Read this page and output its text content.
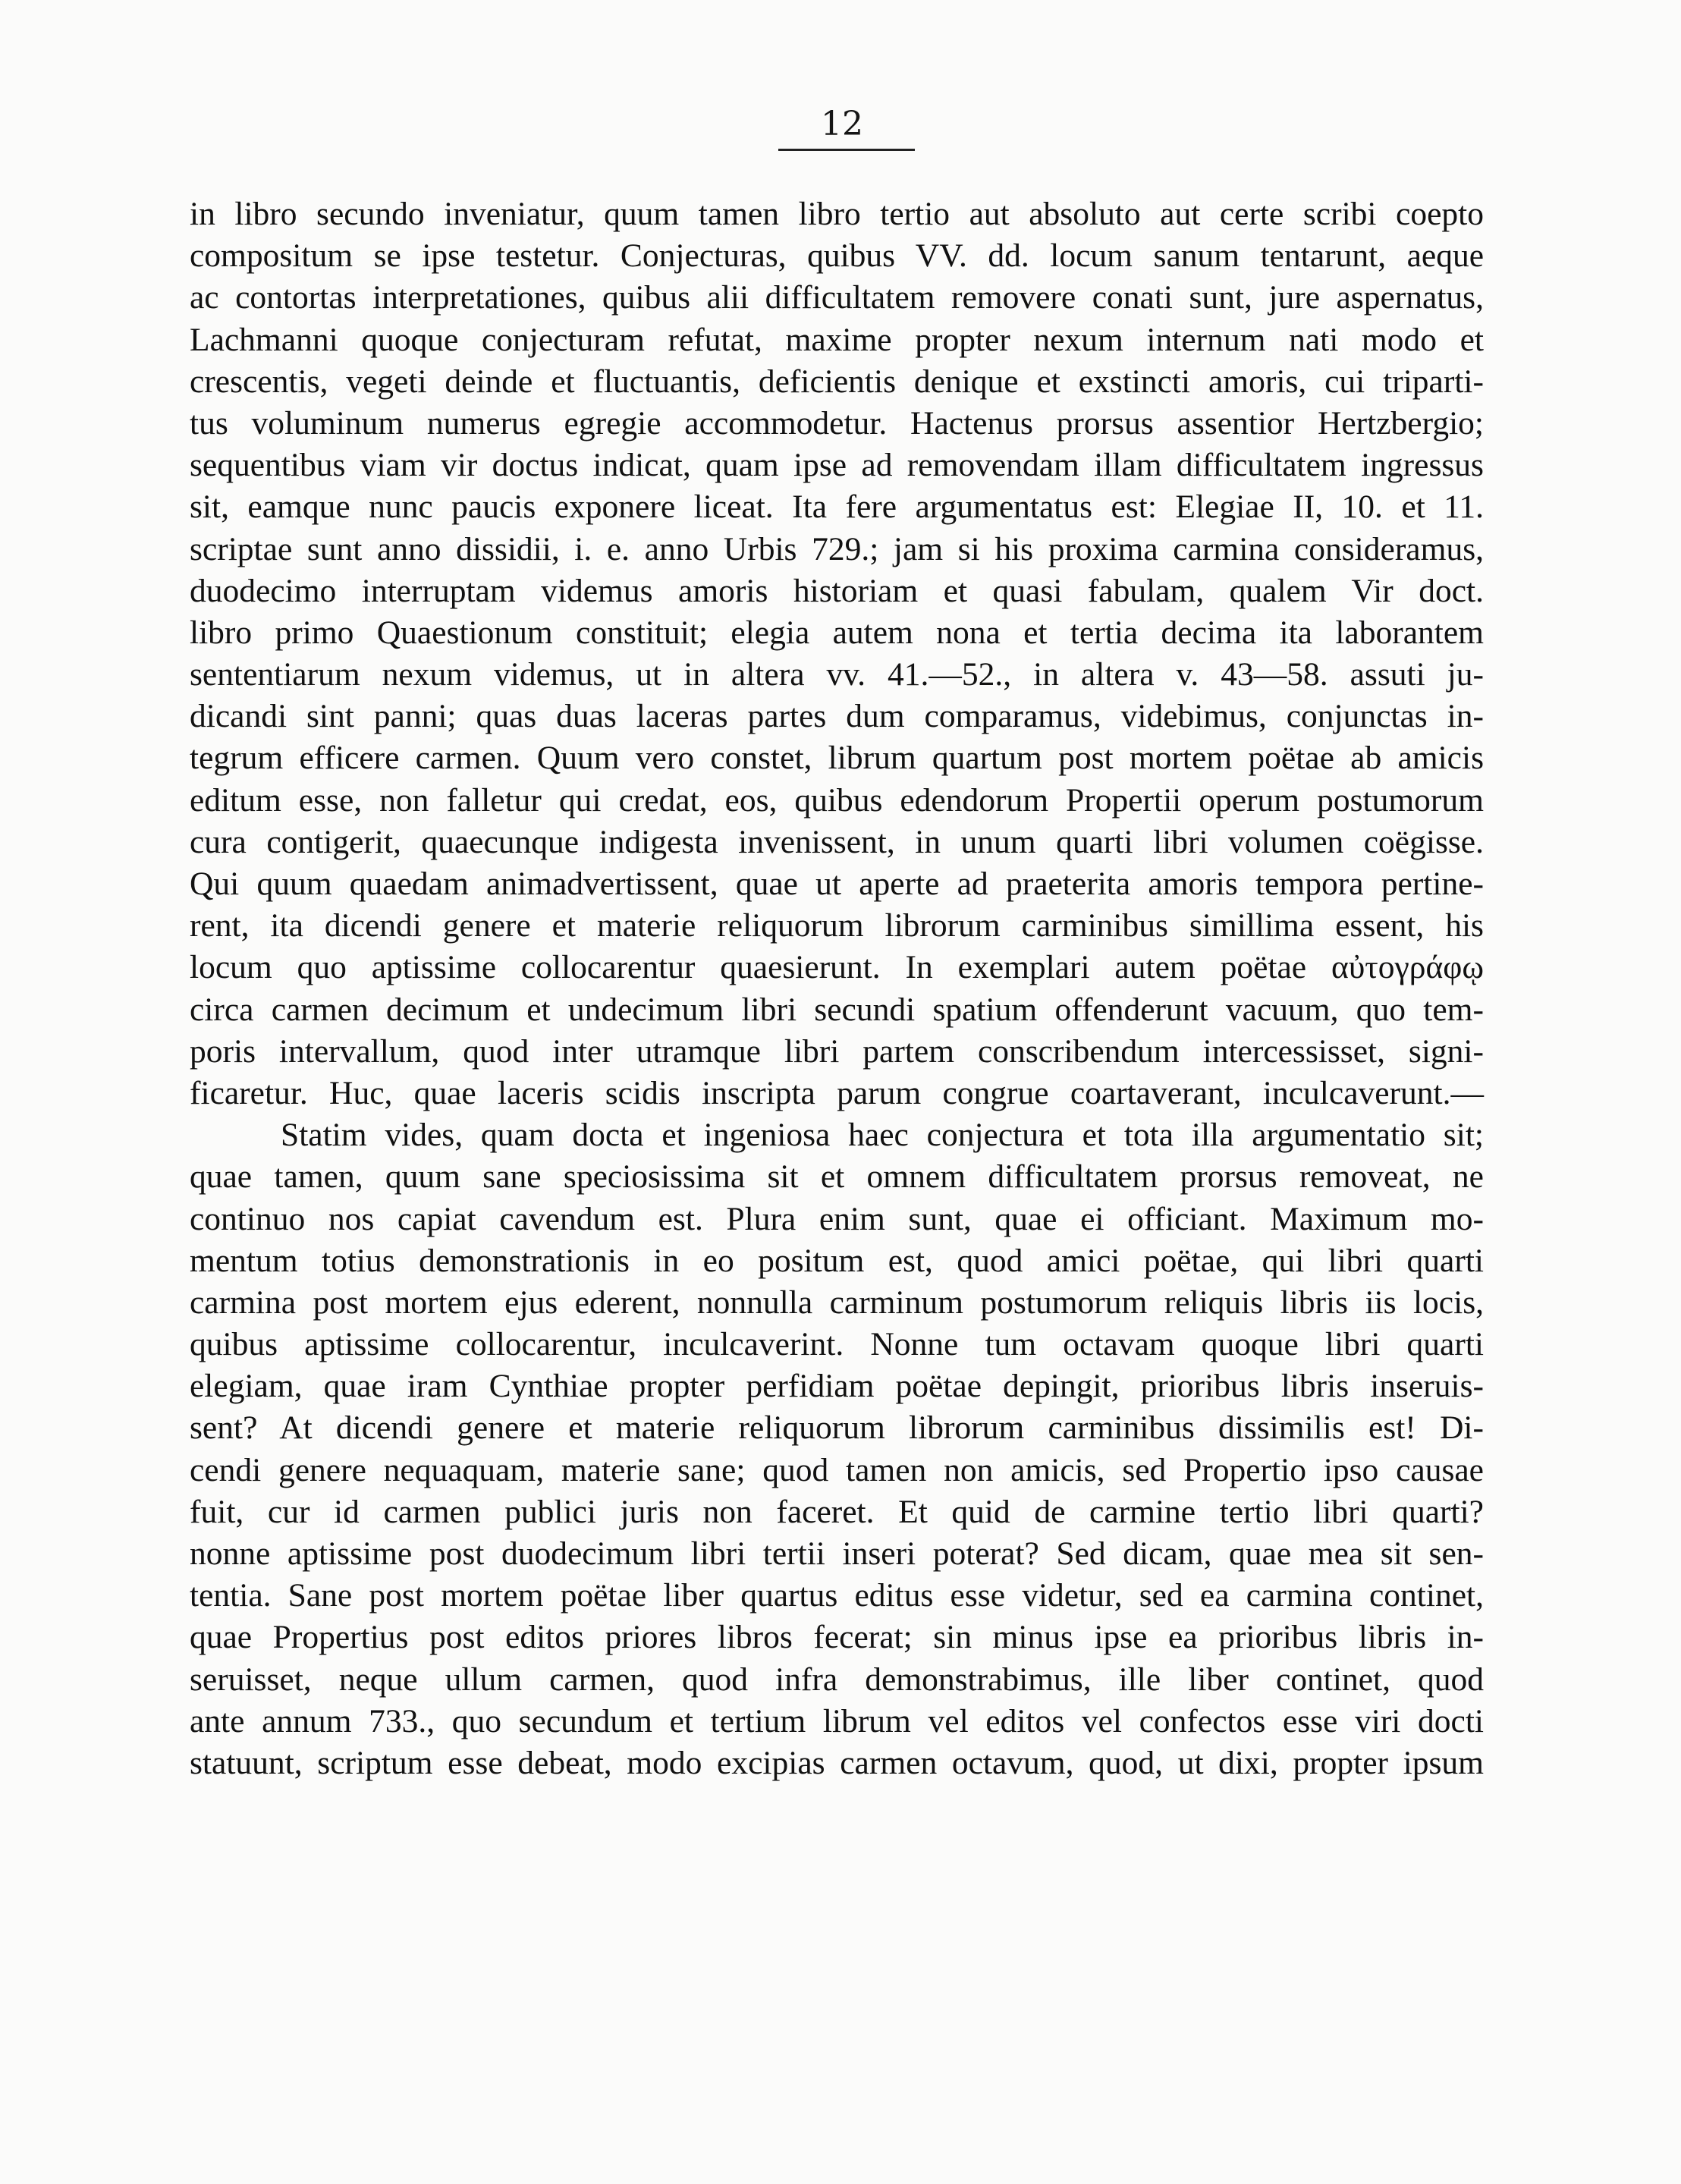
12
in libro secundo inveniatur, quum tamen libro tertio aut absoluto aut certe scribi coepto
compositum se ipse testetur. Conjecturas, quibus VV. dd. locum sanum tentarunt, aeque
ac contortas interpretationes, quibus alii difficultatem removere conati sunt, jure aspernatus,
Lachmanni quoque conjecturam refutat, maxime propter nexum internum nati modo et
crescentis, vegeti deinde et fluctuantis, deficientis denique et exstincti amoris, cui triparti-
tus voluminum numerus egregie accommodetur. Hactenus prorsus assentior Hertzbergio;
sequentibus viam vir doctus indicat, quam ipse ad removendam illam difficultatem ingressus
sit, eamque nunc paucis exponere liceat. Ita fere argumentatus est: Elegiae II, 10. et 11.
scriptae sunt anno dissidii, i. e. anno Urbis 729.; jam si his proxima carmina consideramus,
duodecimo interruptam videmus amoris historiam et quasi fabulam, qualem Vir doct.
libro primo Quaestionum constituit; elegia autem nona et tertia decima ita laborantem
sententiarum nexum videmus, ut in altera vv. 41.—52., in altera v. 43—58. assuti ju-
dicandi sint panni; quas duas laceras partes dum comparamus, videbimus, conjunctas in-
tegrum efficere carmen. Quum vero constet, librum quartum post mortem poëtae ab amicis
editum esse, non falletur qui credat, eos, quibus edendorum Propertii operum postumorum
cura contigerit, quaecunque indigesta invenissent, in unum quarti libri volumen coëgisse.
Qui quum quaedam animadvertissent, quae ut aperte ad praeterita amoris tempora pertine-
rent, ita dicendi genere et materie reliquorum librorum carminibus simillima essent, his
locum quo aptissime collocarentur quaesierunt. In exemplari autem poëtae αὐτογράφῳ
circa carmen decimum et undecimum libri secundi spatium offenderunt vacuum, quo tem-
poris intervallum, quod inter utramque libri partem conscribendum intercessisset, signi-
ficaretur. Huc, quae laceris scidis inscripta parum congrue coartaverant, inculcaverunt.—
Statim vides, quam docta et ingeniosa haec conjectura et tota illa argumentatio sit;
quae tamen, quum sane speciosissima sit et omnem difficultatem prorsus removeat, ne
continuo nos capiat cavendum est. Plura enim sunt, quae ei officiant. Maximum mo-
mentum totius demonstrationis in eo positum est, quod amici poëtae, qui libri quarti
carmina post mortem ejus ederent, nonnulla carminum postumorum reliquis libris iis locis,
quibus aptissime collocarentur, inculcaverint. Nonne tum octavam quoque libri quarti
elegiam, quae iram Cynthiae propter perfidiam poëtae depingit, prioribus libris inseruis-
sent? At dicendi genere et materie reliquorum librorum carminibus dissimilis est! Di-
cendi genere nequaquam, materie sane; quod tamen non amicis, sed Propertio ipso causae
fuit, cur id carmen publici juris non faceret. Et quid de carmine tertio libri quarti?
nonne aptissime post duodecimum libri tertii inseri poterat? Sed dicam, quae mea sit sen-
tentia. Sane post mortem poëtae liber quartus editus esse videtur, sed ea carmina continet,
quae Propertius post editos priores libros fecerat; sin minus ipse ea prioribus libris in-
seruisset, neque ullum carmen, quod infra demonstrabimus, ille liber continet, quod
ante annum 733., quo secundum et tertium librum vel editos vel confectos esse viri docti
statuunt, scriptum esse debeat, modo excipias carmen octavum, quod, ut dixi, propter ipsum
